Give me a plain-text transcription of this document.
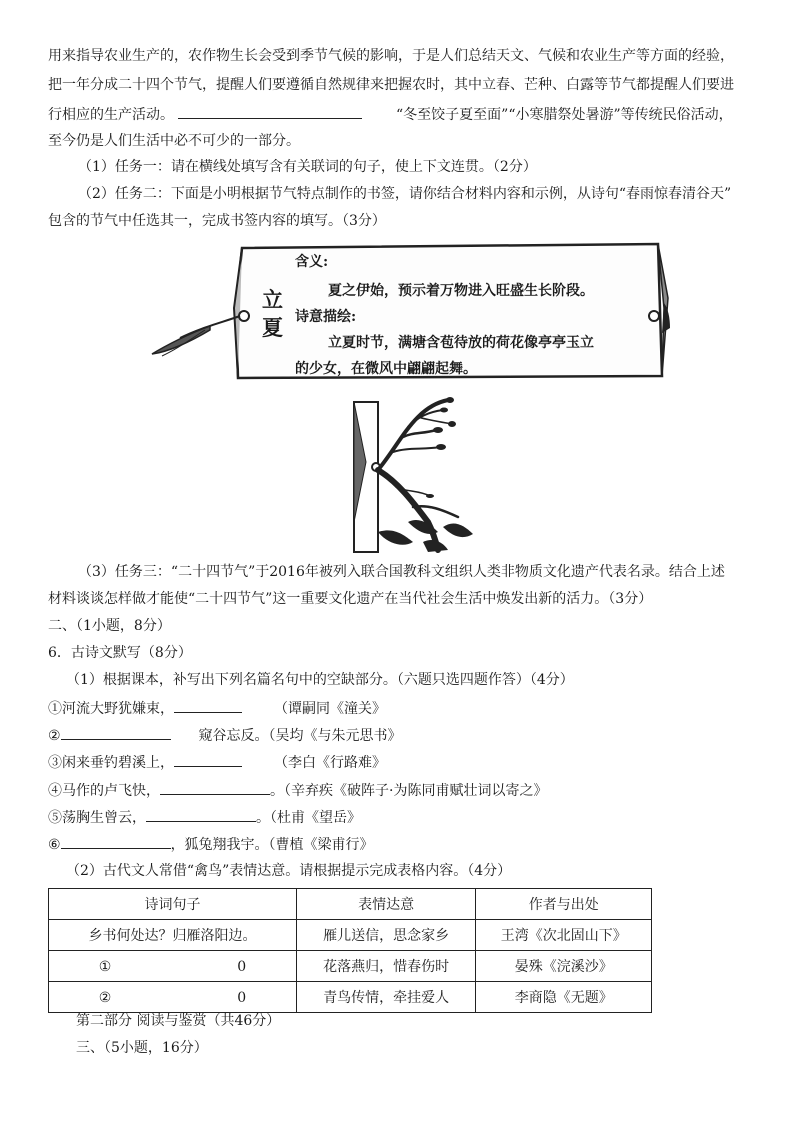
用来指导农业生产的，农作物生长会受到季节气候的影响，于是人们总结天文、气候和农业生产等方面的经验，
把一年分成二十四个节气，提醒人们要遵循自然规律来把握农时，其中立春、芒种、白露等节气都提醒人们要进
行相应的生产活动。	“冬至饺子夏至面”“小寒腊祭处暑游”等传统民俗活动，
至今仍是人们生活中必不可少的一部分。
（1）任务一：请在横线处填写含有关联词的句子，使上下文连贯。（2分）
（2）任务二：下面是小明根据节气特点制作的书签，请你结合材料内容和示例，从诗句“春雨惊春清谷天”
包含的节气中任选其一，完成书签内容的填写。（3分）
立夏
含义:
夏之伊始，预示着万物进入旺盛生长阶段。
诗意描绘:
立夏时节，满塘含苞待放的荷花像亭亭玉立
的少女，在微风中翩翩起舞。
（3）任务三：“二十四节气”于2016年被列入联合国教科文组织人类非物质文化遗产代表名录。结合上述
材料谈谈怎样做才能使“二十四节气”这一重要文化遗产在当代社会生活中焕发出新的活力。（3分）
二、（1小题，8分）
6．古诗文默写（8分）
（1）根据课本，补写出下列名篇名句中的空缺部分。（六题只选四题作答）（4分）
①河流大野犹嫌束，	（谭嗣同《潼关》
②	窥谷忘反。（吴均《与朱元思书》
③闲来垂钓碧溪上，	（李白《行路难》
④马作的卢飞快，	。（辛弃疾《破阵子·为陈同甫赋壮词以寄之》
⑤荡胸生曾云，	。（杜甫《望岳》
⑥	，狐兔翔我宇。（曹植《梁甫行》
（2）古代文人常借“禽鸟”表情达意。请根据提示完成表格内容。（4分）
诗词句子	表情达意	作者与出处
乡书何处达？归雁洛阳边。	雁儿送信，思念家乡	王湾《次北固山下》
①　　　　　　　　　0	花落燕归，惜春伤时	晏殊《浣溪沙》
②　　　　　　　　　0	青鸟传情，牵挂爱人	李商隐《无题》
第二部分 阅读与鉴赏（共46分）
三、（5小题，16分）
